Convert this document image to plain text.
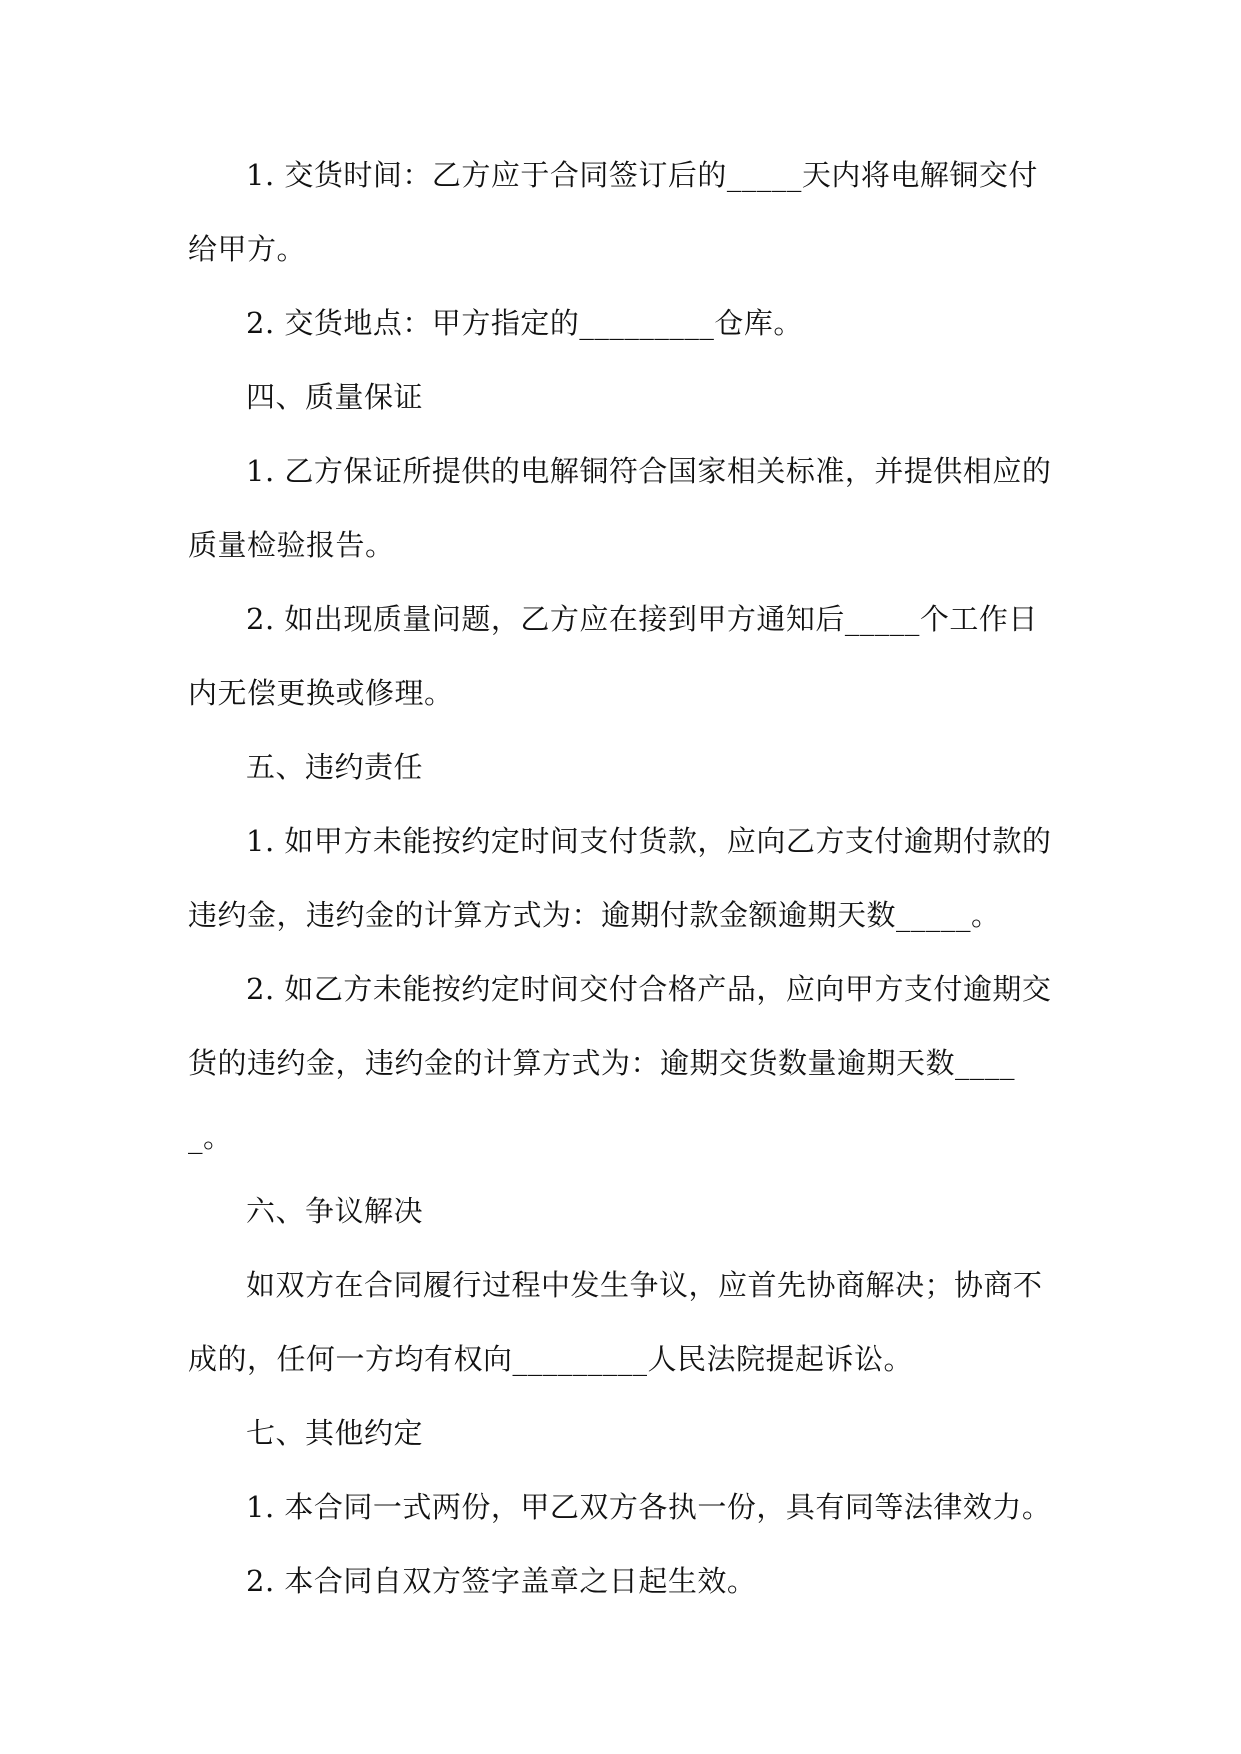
1. 交货时间：乙方应于合同签订后的_____天内将电解铜交付给甲方。

2. 交货地点：甲方指定的_________仓库。

四、质量保证

1. 乙方保证所提供的电解铜符合国家相关标准，并提供相应的质量检验报告。

2. 如出现质量问题，乙方应在接到甲方通知后_____个工作日内无偿更换或修理。

五、违约责任

1. 如甲方未能按约定时间支付货款，应向乙方支付逾期付款的违约金，违约金的计算方式为：逾期付款金额逾期天数_____。

2. 如乙方未能按约定时间交付合格产品，应向甲方支付逾期交货的违约金，违约金的计算方式为：逾期交货数量逾期天数_____。

六、争议解决

如双方在合同履行过程中发生争议，应首先协商解决；协商不成的，任何一方均有权向_________人民法院提起诉讼。

七、其他约定

1. 本合同一式两份，甲乙双方各执一份，具有同等法律效力。

2. 本合同自双方签字盖章之日起生效。
